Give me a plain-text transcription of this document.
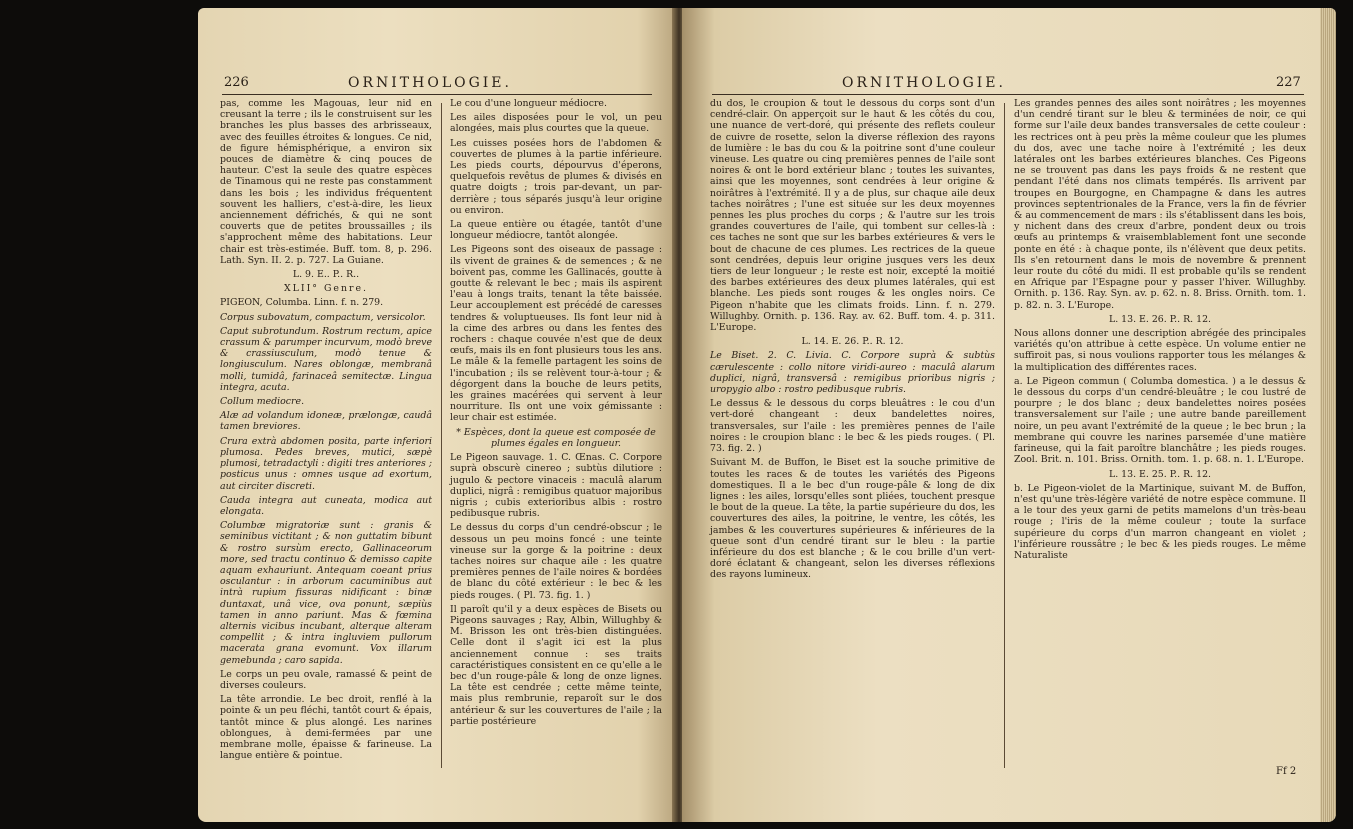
226	ORNITHOLOGIE.

pas, comme les Magouas, leur nid en creusant la terre ; ils le construisent sur les branches les plus basses des arbrisseaux, avec des feuilles étroites & longues. Ce nid, de figure hémisphérique, a environ six pouces de diamètre & cinq pouces de hauteur. C'est la seule des quatre espèces de Tinamous qui ne reste pas constamment dans les bois ; les individus fréquentent souvent les halliers, c'est-à-dire, les lieux anciennement défrichés, & qui ne sont couverts que de petites broussailles ; ils s'approchent même des habitations. Leur chair est très-estimée. Buff. tom. 8, p. 296. Lath. Syn. II. 2. p. 727. La Guiane.

L. 9. E.. P.. R..

XLII° Genre.

PIGEON, Columba. Linn. f. n. 279.

Corpus subovatum, compactum, versicolor.

Caput subrotundum. Rostrum rectum, apice crassum & parumper incurvum, modò breve & crassiusculum, modò tenue & longiusculum. Nares oblongæ, membranâ molli, tumidâ, farinaceâ semitectæ. Lingua integra, acuta.

Collum mediocre.

Alæ ad volandum idoneæ, prælongæ, caudâ tamen breviores.

Crura extrà abdomen posita, parte inferiori plumosa. Pedes breves, mutici, sæpè plumosi, tetradactyli : digiti tres anteriores ; posticus unus : omnes usque ad exortum, aut circiter discreti.

Cauda integra aut cuneata, modica aut elongata.

Columbæ migratoriæ sunt : granis & seminibus victitant ; & non guttatim bibunt & rostro sursùm erecto, Gallinaceorum more, sed tractu continuo & demisso capite aquam exhauriunt. Antequam coeant prius osculantur : in arborum cacuminibus aut intrà rupium fissuras nidificant : binæ duntaxat, unâ vice, ova ponunt, sæpiùs tamen in anno pariunt. Mas & fœmina alternis vicibus incubant, alterque alteram compellit ; & intra ingluviem pullorum macerata grana evomunt. Vox illarum gemebunda ; caro sapida.

Le corps un peu ovale, ramassé & peint de diverses couleurs.

La tête arrondie. Le bec droit, renflé à la pointe & un peu fléchi, tantôt court & épais, tantôt mince & plus alongé. Les narines oblongues, à demi-fermées par une membrane molle, épaisse & farineuse. La langue entière & pointue.

Le cou d'une longueur médiocre.

Les ailes disposées pour le vol, un peu alongées, mais plus courtes que la queue.

Les cuisses posées hors de l'abdomen & couvertes de plumes à la partie inférieure. Les pieds courts, dépourvus d'éperons, quelquefois revêtus de plumes & divisés en quatre doigts ; trois par-devant, un par-derrière ; tous séparés jusqu'à leur origine ou environ.

La queue entière ou étagée, tantôt d'une longueur médiocre, tantôt alongée.

Les Pigeons sont des oiseaux de passage : ils vivent de graines & de semences ; & ne boivent pas, comme les Gallinacés, goutte à goutte & relevant le bec ; mais ils aspirent l'eau à longs traits, tenant la tête baissée. Leur accouplement est précédé de caresses tendres & voluptueuses. Ils font leur nid à la cime des arbres ou dans les fentes des rochers : chaque couvée n'est que de deux œufs, mais ils en font plusieurs tous les ans. Le mâle & la femelle partagent les soins de l'incubation ; ils se relèvent tour-à-tour ; & dégorgent dans la bouche de leurs petits, les graines macérées qui servent à leur nourriture. Ils ont une voix gémissante : leur chair est estimée.

* Espèces, dont la queue est composée de plumes égales en longueur.

Le Pigeon sauvage. 1. C. Œnas. C. Corpore suprà obscurè cinereo ; subtùs dilutiore : jugulo & pectore vinaceis : maculâ alarum duplici, nigrâ : remigibus quatuor majoribus nigris ; cubis exterioribus albis : rostro pedibusque rubris.

Le dessus du corps d'un cendré-obscur ; le dessous un peu moins foncé : une teinte vineuse sur la gorge & la poitrine : deux taches noires sur chaque aile : les quatre premières pennes de l'aile noires & bordées de blanc du côté extérieur : le bec & les pieds rouges. ( Pl. 73. fig. 1. )

Il paroît qu'il y a deux espèces de Bisets ou Pigeons sauvages ; Ray, Albin, Willughby & M. Brisson les ont très-bien distinguées. Celle dont il s'agit ici est la plus anciennement connue : ses traits caractéristiques consistent en ce qu'elle a le bec d'un rouge-pâle & long de onze lignes. La tête est cendrée ; cette même teinte, mais plus rembrunie, reparoît sur le dos antérieur & sur les couvertures de l'aile ; la partie postérieure

ORNITHOLOGIE.	227

du dos, le croupion & tout le dessous du corps sont d'un cendré-clair. On apperçoit sur le haut & les côtés du cou, une nuance de vert-doré, qui présente des reflets couleur de cuivre de rosette, selon la diverse réflexion des rayons de lumière : le bas du cou & la poitrine sont d'une couleur vineuse. Les quatre ou cinq premières pennes de l'aile sont noires & ont le bord extérieur blanc ; toutes les suivantes, ainsi que les moyennes, sont cendrées à leur origine & noirâtres à l'extrémité. Il y a de plus, sur chaque aile deux taches noirâtres ; l'une est située sur les deux moyennes pennes les plus proches du corps ; & l'autre sur les trois grandes couvertures de l'aile, qui tombent sur celles-là : ces taches ne sont que sur les barbes extérieures & vers le bout de chacune de ces plumes. Les rectrices de la queue sont cendrées, depuis leur origine jusques vers les deux tiers de leur longueur ; le reste est noir, excepté la moitié des barbes extérieures des deux plumes latérales, qui est blanche. Les pieds sont rouges & les ongles noirs. Ce Pigeon n'habite que les climats froids. Linn. f. n. 279. Willughby. Ornith. p. 136. Ray. av. 62. Buff. tom. 4. p. 311. L'Europe.

L. 14. E. 26. P.. R. 12.

Le Biset. 2. C. Livia. C. Corpore suprà & subtùs cærulescente : collo nitore viridi-aureo : maculâ alarum duplici, nigrâ, transversâ : remigibus prioribus nigris ; uropygio albo : rostro pedibusque rubris.

Le dessus & le dessous du corps bleuâtres : le cou d'un vert-doré changeant : deux bandelettes noires, transversales, sur l'aile : les premières pennes de l'aile noires : le croupion blanc : le bec & les pieds rouges. ( Pl. 73. fig. 2. )

Suivant M. de Buffon, le Biset est la souche primitive de toutes les races & de toutes les variétés des Pigeons domestiques. Il a le bec d'un rouge-pâle & long de dix lignes : les ailes, lorsqu'elles sont pliées, touchent presque le bout de la queue. La tête, la partie supérieure du dos, les couvertures des ailes, la poitrine, le ventre, les côtés, les jambes & les couvertures supérieures & inférieures de la queue sont d'un cendré tirant sur le bleu : la partie inférieure du dos est blanche ; & le cou brille d'un vert-doré éclatant & changeant, selon les diverses réflexions des rayons lumineux.

Les grandes pennes des ailes sont noirâtres ; les moyennes d'un cendré tirant sur le bleu & terminées de noir, ce qui forme sur l'aile deux bandes transversales de cette couleur : les rectrices ont à peu près la même couleur que les plumes du dos, avec une tache noire à l'extrémité ; les deux latérales ont les barbes extérieures blanches. Ces Pigeons ne se trouvent pas dans les pays froids & ne restent que pendant l'été dans nos climats tempérés. Ils arrivent par troupes en Bourgogne, en Champagne & dans les autres provinces septentrionales de la France, vers la fin de février & au commencement de mars : ils s'établissent dans les bois, y nichent dans des creux d'arbre, pondent deux ou trois œufs au printemps & vraisemblablement font une seconde ponte en été : à chaque ponte, ils n'élèvent que deux petits. Ils s'en retournent dans le mois de novembre & prennent leur route du côté du midi. Il est probable qu'ils se rendent en Afrique par l'Espagne pour y passer l'hiver. Willughby. Ornith. p. 136. Ray. Syn. av. p. 62. n. 8. Briss. Ornith. tom. 1. p. 82. n. 3. L'Europe.

L. 13. E. 26. P.. R. 12.

Nous allons donner une description abrégée des principales variétés qu'on attribue à cette espèce. Un volume entier ne suffiroit pas, si nous voulions rapporter tous les mélanges & la multiplication des différentes races.

a. Le Pigeon commun ( Columba domestica. ) a le dessus & le dessous du corps d'un cendré-bleuâtre ; le cou lustré de pourpre ; le dos blanc ; deux bandelettes noires posées transversalement sur l'aile ; une autre bande pareillement noire, un peu avant l'extrémité de la queue ; le bec brun ; la membrane qui couvre les narines parsemée d'une matière farineuse, qui la fait paroître blanchâtre ; les pieds rouges. Zool. Brit. n. 101. Briss. Ornith. tom. 1. p. 68. n. 1. L'Europe.

L. 13. E. 25. P.. R. 12.

b. Le Pigeon-violet de la Martinique, suivant M. de Buffon, n'est qu'une très-légère variété de notre espèce commune. Il a le tour des yeux garni de petits mamelons d'un très-beau rouge ; l'iris de la même couleur ; toute la surface supérieure du corps d'un marron changeant en violet ; l'inférieure roussâtre ; le bec & les pieds rouges. Le même Naturaliste

Ff 2
